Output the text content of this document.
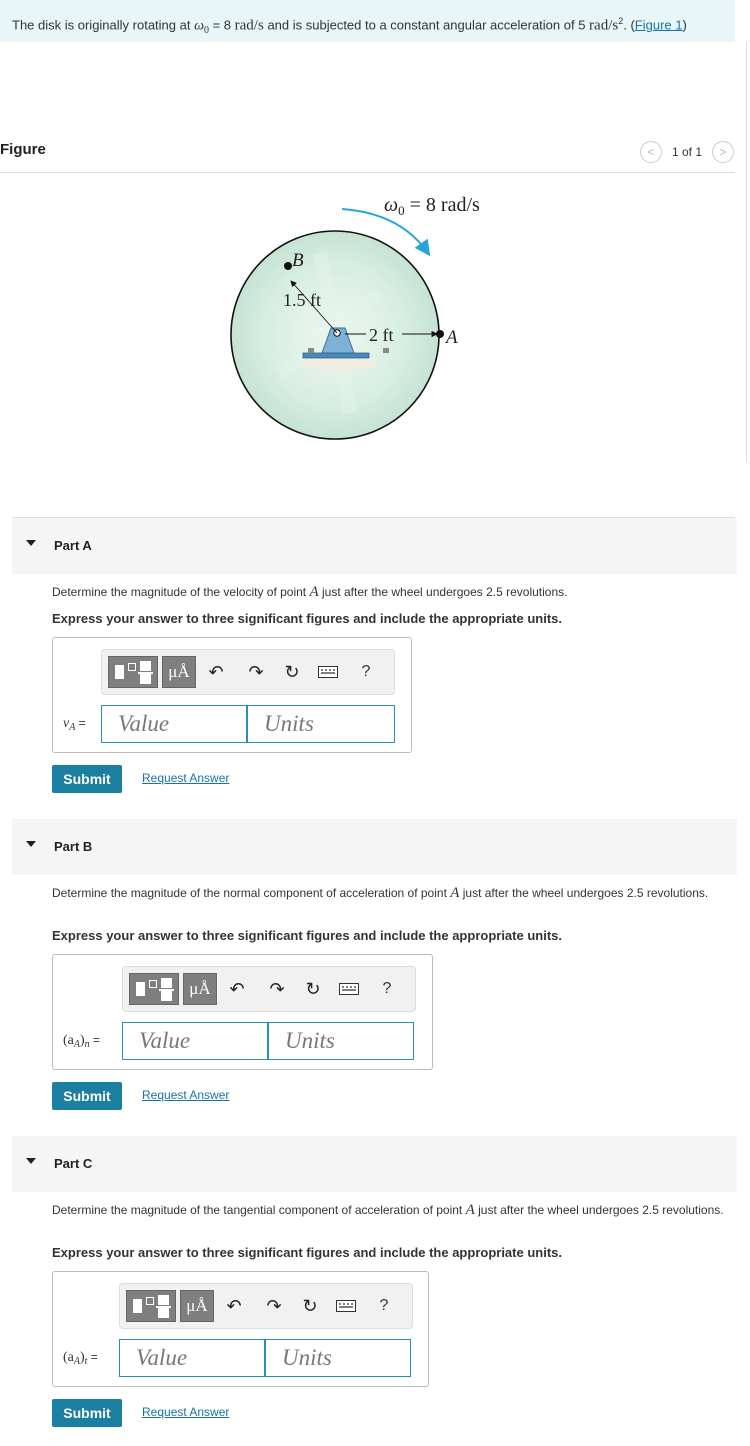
The disk is originally rotating at $\omega_0 = 8$ rad/s and is subjected to a constant angular acceleration of 5 rad/$s^2$. (Figure 1)
Figure	< 1 of 1 >
$\omega_0 = 8$ rad/s
B
1.5 ft
2 ft	A
Part A
Determine the magnitude of the velocity of point A just after the wheel undergoes 2.5 revolutions.
Express your answer to three significant figures and include the appropriate units.
μÅ	↶ ↷ ↻	?
$v_A$ =	Value	Units
Submit	Request Answer
Part B
Determine the magnitude of the normal component of acceleration of point A just after the wheel undergoes 2.5 revolutions.
Express your answer to three significant figures and include the appropriate units.
μÅ	↶ ↷ ↻	?
$(a_A)_n$ =	Value	Units
Submit	Request Answer
Part C
Determine the magnitude of the tangential component of acceleration of point A just after the wheel undergoes 2.5 revolutions.
Express your answer to three significant figures and include the appropriate units.
μÅ	↶ ↷ ↻	?
$(a_A)_t$ =	Value	Units
Submit	Request Answer
